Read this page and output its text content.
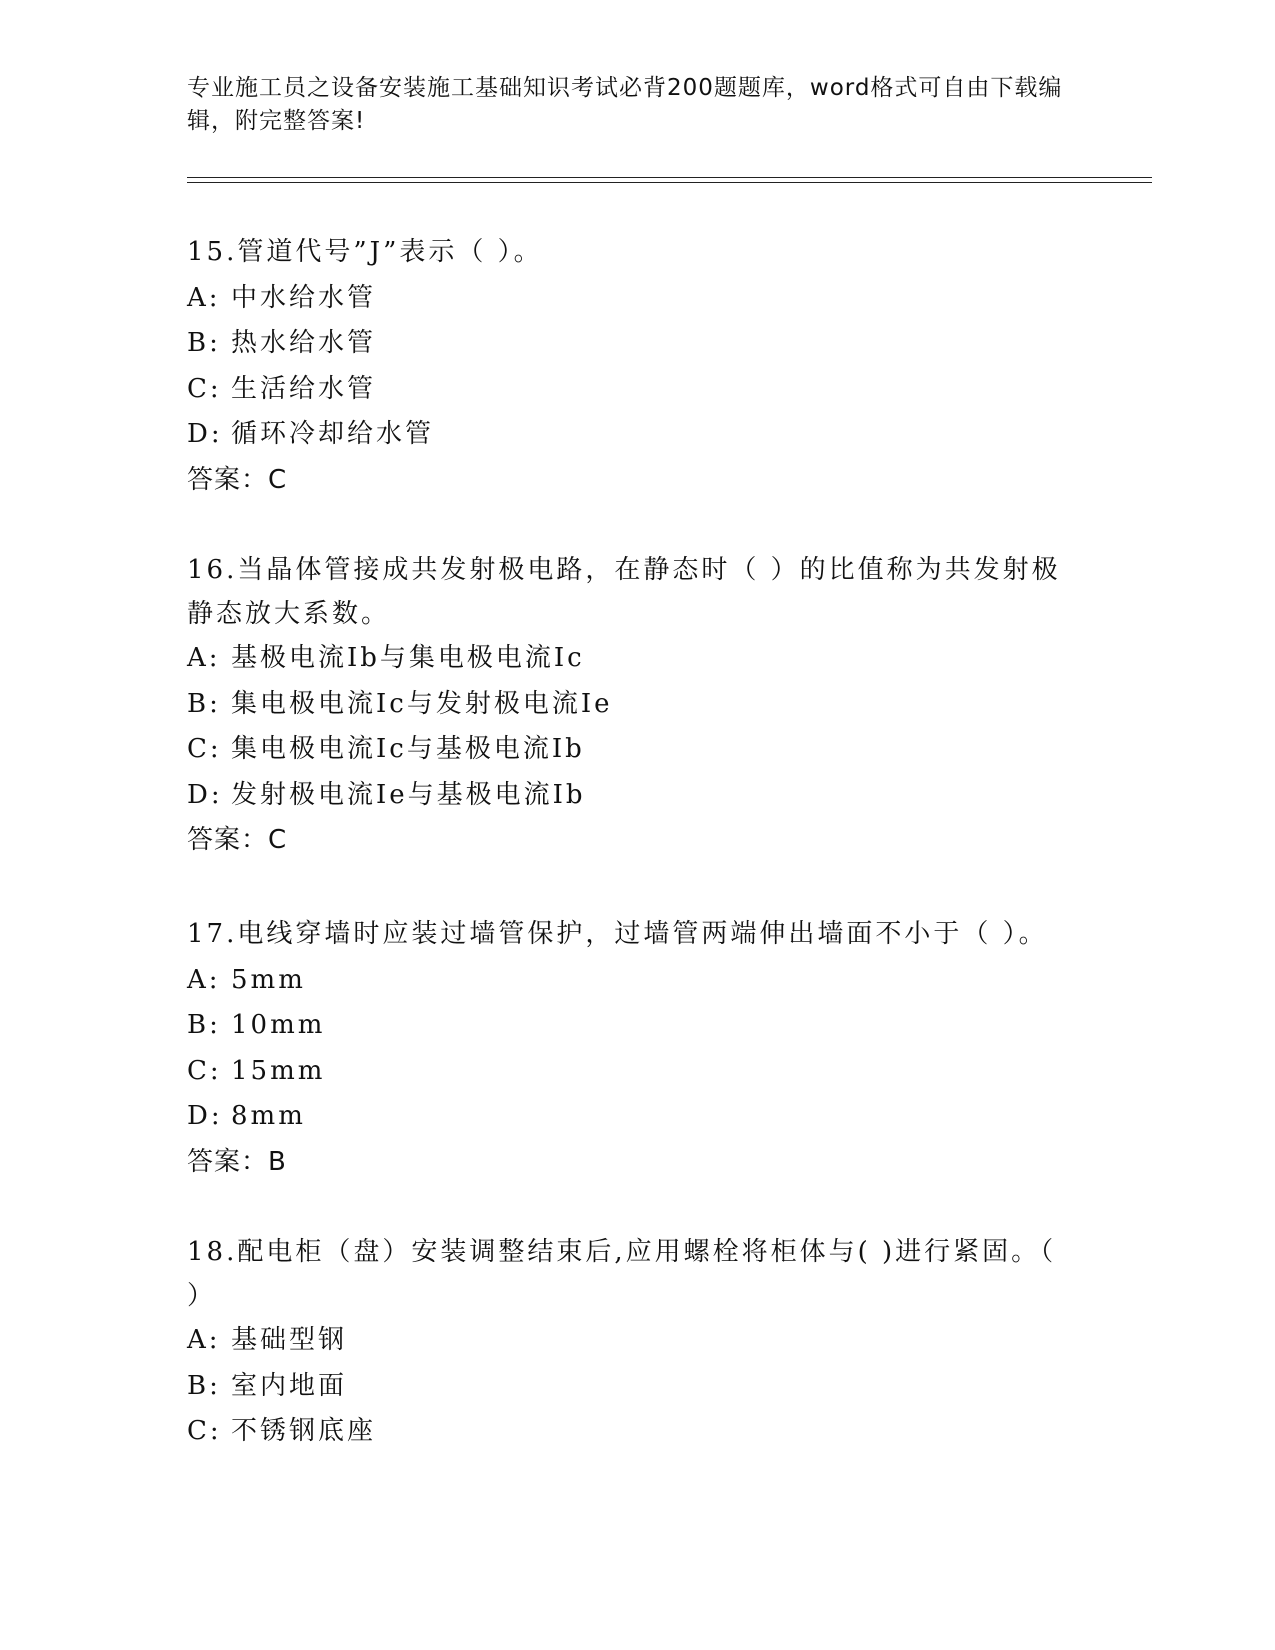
专业施工员之设备安装施工基础知识考试必背200题题库，word格式可自由下载编辑，附完整答案!
15.管道代号”J”表示（ ）。
A: 中水给水管
B: 热水给水管
C: 生活给水管
D: 循环冷却给水管
答案：C
16.当晶体管接成共发射极电路，在静态时（ ）的比值称为共发射极静态放大系数。
A: 基极电流Ib与集电极电流Ic
B: 集电极电流Ic与发射极电流Ie
C: 集电极电流Ic与基极电流Ib
D: 发射极电流Ie与基极电流Ib
答案：C
17.电线穿墙时应装过墙管保护，过墙管两端伸出墙面不小于（ ）。
A: 5mm
B: 10mm
C: 15mm
D: 8mm
答案：B
18.配电柜（盘）安装调整结束后,应用螺栓将柜体与( )进行紧固。（ ）
A: 基础型钢
B: 室内地面
C: 不锈钢底座
